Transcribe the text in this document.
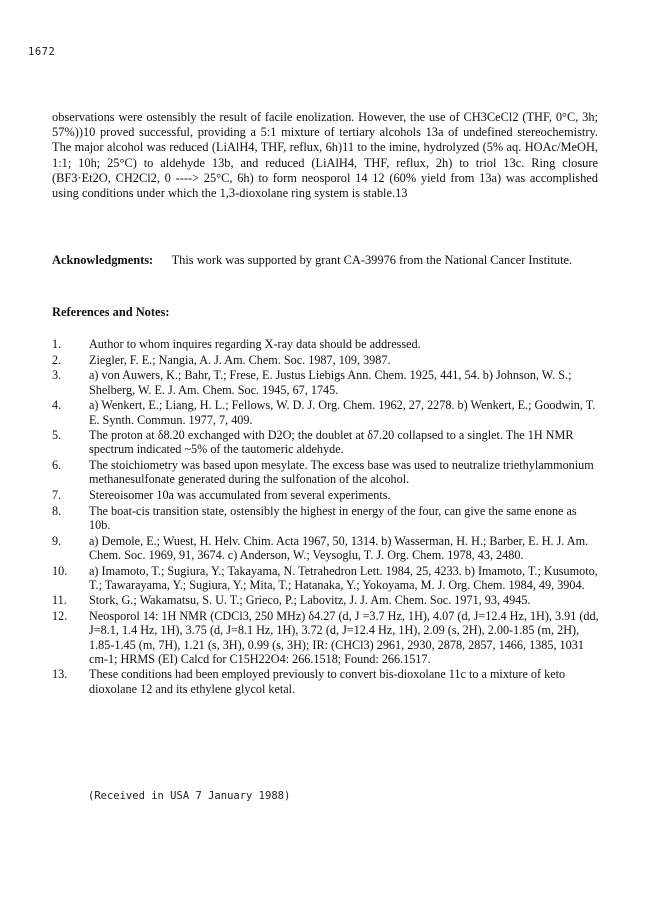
1672

observations were ostensibly the result of facile enolization. However, the use of CH3CeCl2 (THF, 0°C, 3h; 57%))10 proved successful, providing a 5:1 mixture of tertiary alcohols 13a of undefined stereochemistry. The major alcohol was reduced (LiAlH4, THF, reflux, 6h)11 to the imine, hydrolyzed (5% aq. HOAc/MeOH, 1:1; 10h; 25°C) to aldehyde 13b, and reduced (LiAlH4, THF, reflux, 2h) to triol 13c. Ring closure (BF3·Et2O, CH2Cl2, 0 ----> 25°C, 6h) to form neosporol 14 12 (60% yield from 13a) was accomplished using conditions under which the 1,3-dioxolane ring system is stable.13

Acknowledgments: This work was supported by grant CA-39976 from the National Cancer Institute.
References and Notes:
1.	Author to whom inquires regarding X-ray data should be addressed.
2.	Ziegler, F. E.; Nangia, A. J. Am. Chem. Soc. 1987, 109, 3987.
3.	a) von Auwers, K.; Bahr, T.; Frese, E. Justus Liebigs Ann. Chem. 1925, 441, 54. b) Johnson, W. S.; Shelberg, W. E. J. Am. Chem. Soc. 1945, 67, 1745.
4.	a) Wenkert, E.; Liang, H. L.; Fellows, W. D. J. Org. Chem. 1962, 27, 2278. b) Wenkert, E.; Goodwin, T. E. Synth. Commun. 1977, 7, 409.
5.	The proton at δ8.20 exchanged with D2O; the doublet at δ7.20 collapsed to a singlet. The 1H NMR spectrum indicated ~5% of the tautomeric aldehyde.
6.	The stoichiometry was based upon mesylate. The excess base was used to neutralize triethylammonium methanesulfonate generated during the sulfonation of the alcohol.
7.	Stereoisomer 10a was accumulated from several experiments.
8.	The boat-cis transition state, ostensibly the highest in energy of the four, can give the same enone as 10b.
9.	a) Demole, E.; Wuest, H. Helv. Chim. Acta 1967, 50, 1314. b) Wasserman, H. H.; Barber, E. H. J. Am. Chem. Soc. 1969, 91, 3674. c) Anderson, W.; Veysoglu, T. J. Org. Chem. 1978, 43, 2480.
10.	a) Imamoto, T.; Sugiura, Y.; Takayama, N. Tetrahedron Lett. 1984, 25, 4233. b) Imamoto, T.; Kusumoto, T.; Tawarayama, Y.; Sugiura, Y.; Mita, T.; Hatanaka, Y.; Yokoyama, M. J. Org. Chem. 1984, 49, 3904.
11.	Stork, G.; Wakamatsu, S. U. T.; Grieco, P.; Labovitz, J. J. Am. Chem. Soc. 1971, 93, 4945.
12.	Neosporol 14: 1H NMR (CDCl3, 250 MHz) δ4.27 (d, J =3.7 Hz, 1H), 4.07 (d, J=12.4 Hz, 1H), 3.91 (dd, J=8.1, 1.4 Hz, 1H), 3.75 (d, J=8.1 Hz, 1H), 3.72 (d, J=12.4 Hz, 1H), 2.09 (s, 2H), 2.00-1.85 (m, 2H), 1.85-1.45 (m, 7H), 1.21 (s, 3H), 0.99 (s, 3H); IR: (CHCl3) 2961, 2930, 2878, 2857, 1466, 1385, 1031 cm-1; HRMS (EI) Calcd for C15H22O4: 266.1518; Found: 266.1517.
13.	These conditions had been employed previously to convert bis-dioxolane 11c to a mixture of keto dioxolane 12 and its ethylene glycol ketal.
(Received in USA 7 January 1988)
